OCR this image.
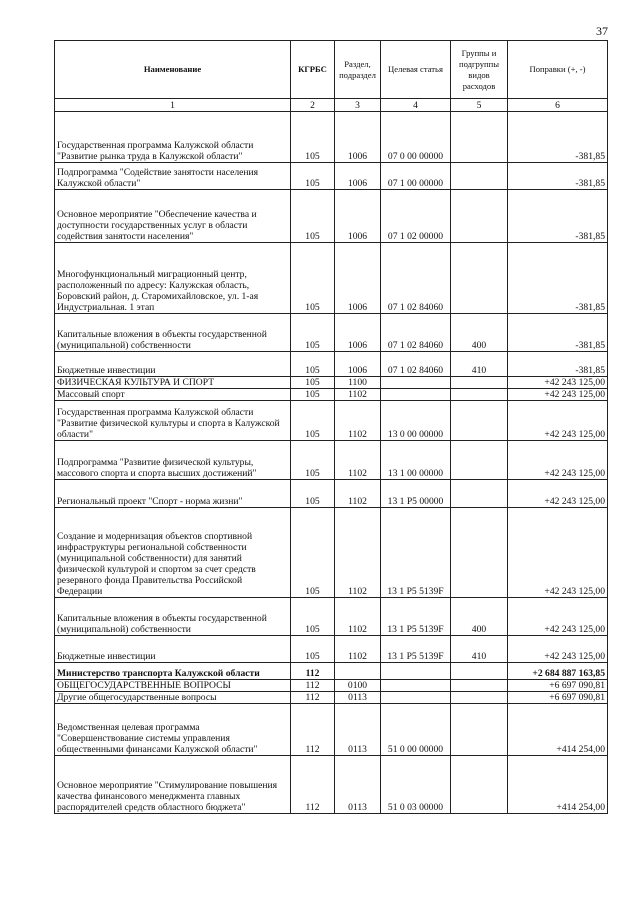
37
Наименование	КГРБС	Раздел, подраздел	Целевая статья	Группы и подгруппы видов расходов	Поправки (+, -)
1	2	3	4	5	6
Государственная программа Калужской области "Развитие рынка труда в Калужской области"	105	1006	07 0 00 00000		-381,85
Подпрограмма "Содействие занятости населения Калужской области"	105	1006	07 1 00 00000		-381,85
Основное мероприятие "Обеспечение качества и доступности государственных услуг в области содействия занятости населения"	105	1006	07 1 02 00000		-381,85
Многофункциональный миграционный центр, расположенный по адресу: Калужская область, Боровский район, д. Старомихайловское, ул. 1-ая Индустриальная. 1 этап	105	1006	07 1 02 84060		-381,85
Капитальные вложения в объекты государственной (муниципальной) собственности	105	1006	07 1 02 84060	400	-381,85
Бюджетные инвестиции	105	1006	07 1 02 84060	410	-381,85
ФИЗИЧЕСКАЯ КУЛЬТУРА И СПОРТ	105	1100			+42 243 125,00
Массовый спорт	105	1102			+42 243 125,00
Государственная программа Калужской области "Развитие физической культуры и спорта в Калужской области"	105	1102	13 0 00 00000		+42 243 125,00
Подпрограмма "Развитие физической культуры, массового спорта и спорта высших достижений"	105	1102	13 1 00 00000		+42 243 125,00
Региональный проект "Спорт - норма жизни"	105	1102	13 1 Р5 00000		+42 243 125,00
Создание и модернизация объектов спортивной инфраструктуры региональной собственности (муниципальной собственности) для занятий физической культурой и спортом за счет средств резервного фонда Правительства Российской Федерации	105	1102	13 1 Р5 5139F		+42 243 125,00
Капитальные вложения в объекты государственной (муниципальной) собственности	105	1102	13 1 Р5 5139F	400	+42 243 125,00
Бюджетные инвестиции	105	1102	13 1 Р5 5139F	410	+42 243 125,00
Министерство транспорта Калужской области	112				+2 684 887 163,85
ОБЩЕГОСУДАРСТВЕННЫЕ ВОПРОСЫ	112	0100			+6 697 090,81
Другие общегосударственные вопросы	112	0113			+6 697 090,81
Ведомственная целевая программа "Совершенствование системы управления общественными финансами Калужской области"	112	0113	51 0 00 00000		+414 254,00
Основное мероприятие "Стимулирование повышения качества финансового менеджмента главных распорядителей средств областного бюджета"	112	0113	51 0 03 00000		+414 254,00
